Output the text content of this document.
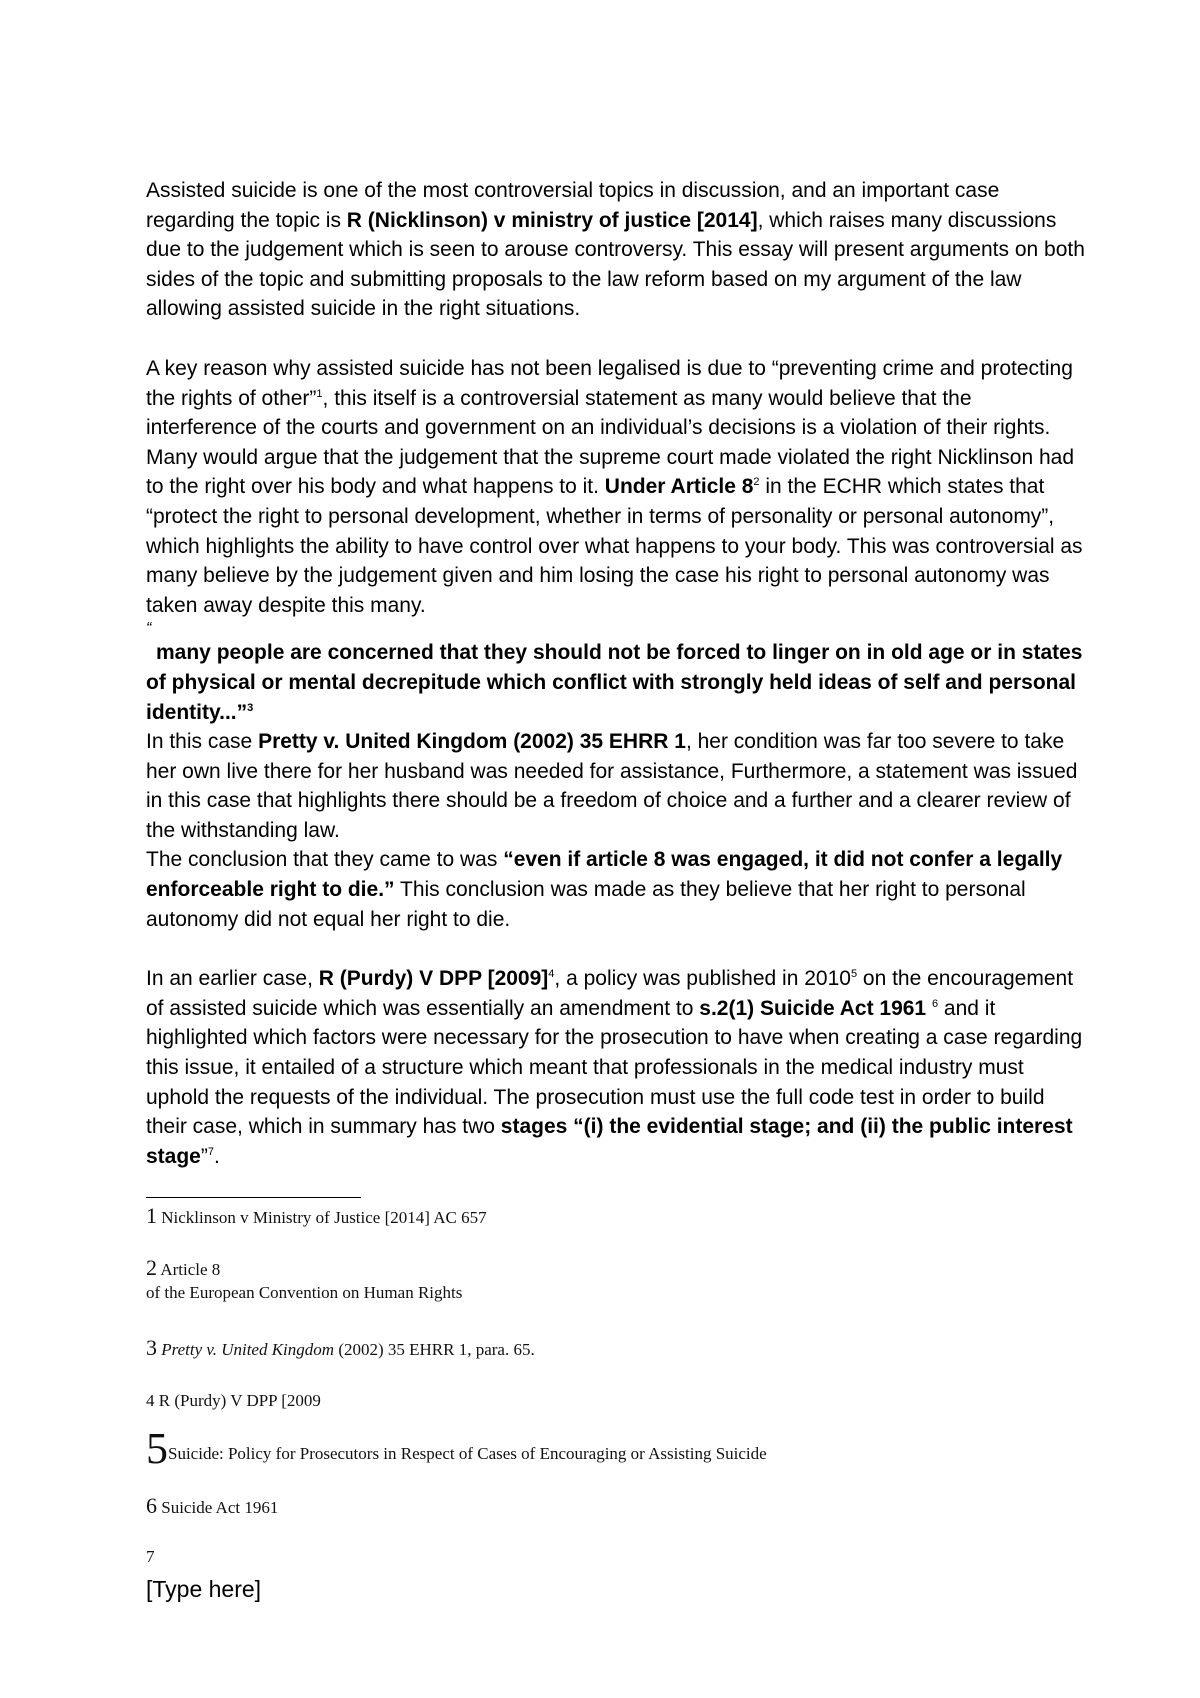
Assisted suicide is one of the most controversial topics in discussion, and an important case regarding the topic is R (Nicklinson) v ministry of justice [2014], which raises many discussions due to the judgement which is seen to arouse controversy. This essay will present arguments on both sides of the topic and submitting proposals to the law reform based on my argument of the law allowing assisted suicide in the right situations.

A key reason why assisted suicide has not been legalised is due to “preventing crime and protecting the rights of other”$^1$, this itself is a controversial statement as many would believe that the interference of the courts and government on an individual’s decisions is a violation of their rights. Many would argue that the judgement that the supreme court made violated the right Nicklinson had to the right over his body and what happens to it. Under Article $8^2$ in the ECHR which states that “protect the right to personal development, whether in terms of personality or personal autonomy”, which highlights the ability to have control over what happens to your body. This was controversial as many believe by the judgement given and him losing the case his right to personal autonomy was taken away despite this many.

“

many people are concerned that they should not be forced to linger on in old age or in states of physical or mental decrepitude which conflict with strongly held ideas of self and personal identity...”$^3$

In this case Pretty v. United Kingdom (2002) 35 EHRR 1, her condition was far too severe to take her own live there for her husband was needed for assistance, Furthermore, a statement was issued in this case that highlights there should be a freedom of choice and a further and a clearer review of the withstanding law.

The conclusion that they came to was “even if article 8 was engaged, it did not confer a legally enforceable right to die.” This conclusion was made as they believe that her right to personal autonomy did not equal her right to die.

In an earlier case, R (Purdy) V DPP $[2009]^4$, a policy was published in 2010$^5$ on the encouragement of assisted suicide which was essentially an amendment to s.2(1) Suicide Act 1961 $^6$ and it highlighted which factors were necessary for the prosecution to have when creating a case regarding this issue, it entailed of a structure which meant that professionals in the medical industry must uphold the requests of the individual. The prosecution must use the full code test in order to build their case, which in summary has two stages “(i) the evidential stage; and (ii) the public interest stage”$^7$.

1 Nicklinson v Ministry of Justice [2014] AC 657
2 Article 8
of the European Convention on Human Rights
3 Pretty v. United Kingdom (2002) 35 EHRR 1, para. 65.
4 R (Purdy) V DPP [2009
5Suicide: Policy for Prosecutors in Respect of Cases of Encouraging or Assisting Suicide
6 Suicide Act 1961
7
[Type here]
